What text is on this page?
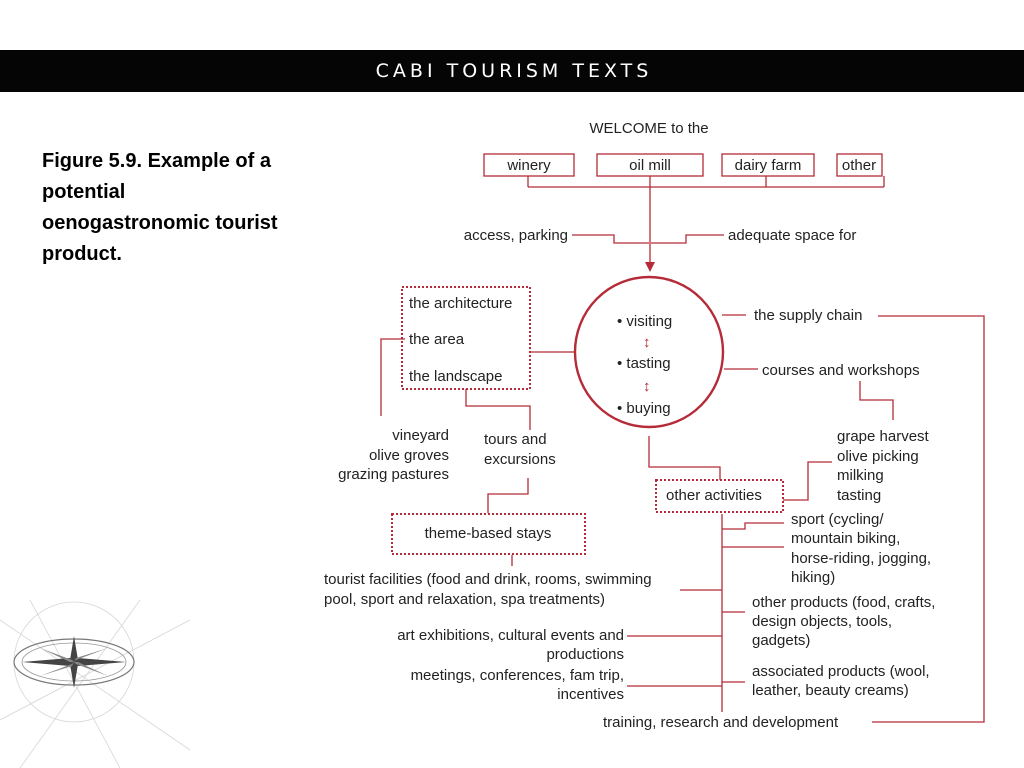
CABI TOURISM TEXTS
Figure 5.9. Example of a
potential
oenogastronomic tourist
product.
WELCOME to the
winery	oil mill	dairy farm	other
access, parking	adequate space for
• visiting
↕
• tasting
↕
• buying
the architecture
the area
the landscape
vineyard
olive groves
grazing pastures
tours and
excursions
theme-based stays
tourist facilities (food and drink, rooms, swimming
pool, sport and relaxation, spa treatments)
art exhibitions, cultural events and
productions
meetings, conferences, fam trip,
incentives
training, research and development
the supply chain
courses and workshops
grape harvest
olive picking
milking
tasting
other activities
sport (cycling/
mountain biking,
horse-riding, jogging,
hiking)
other products (food, crafts,
design objects, tools,
gadgets)
associated products (wool,
leather, beauty creams)
